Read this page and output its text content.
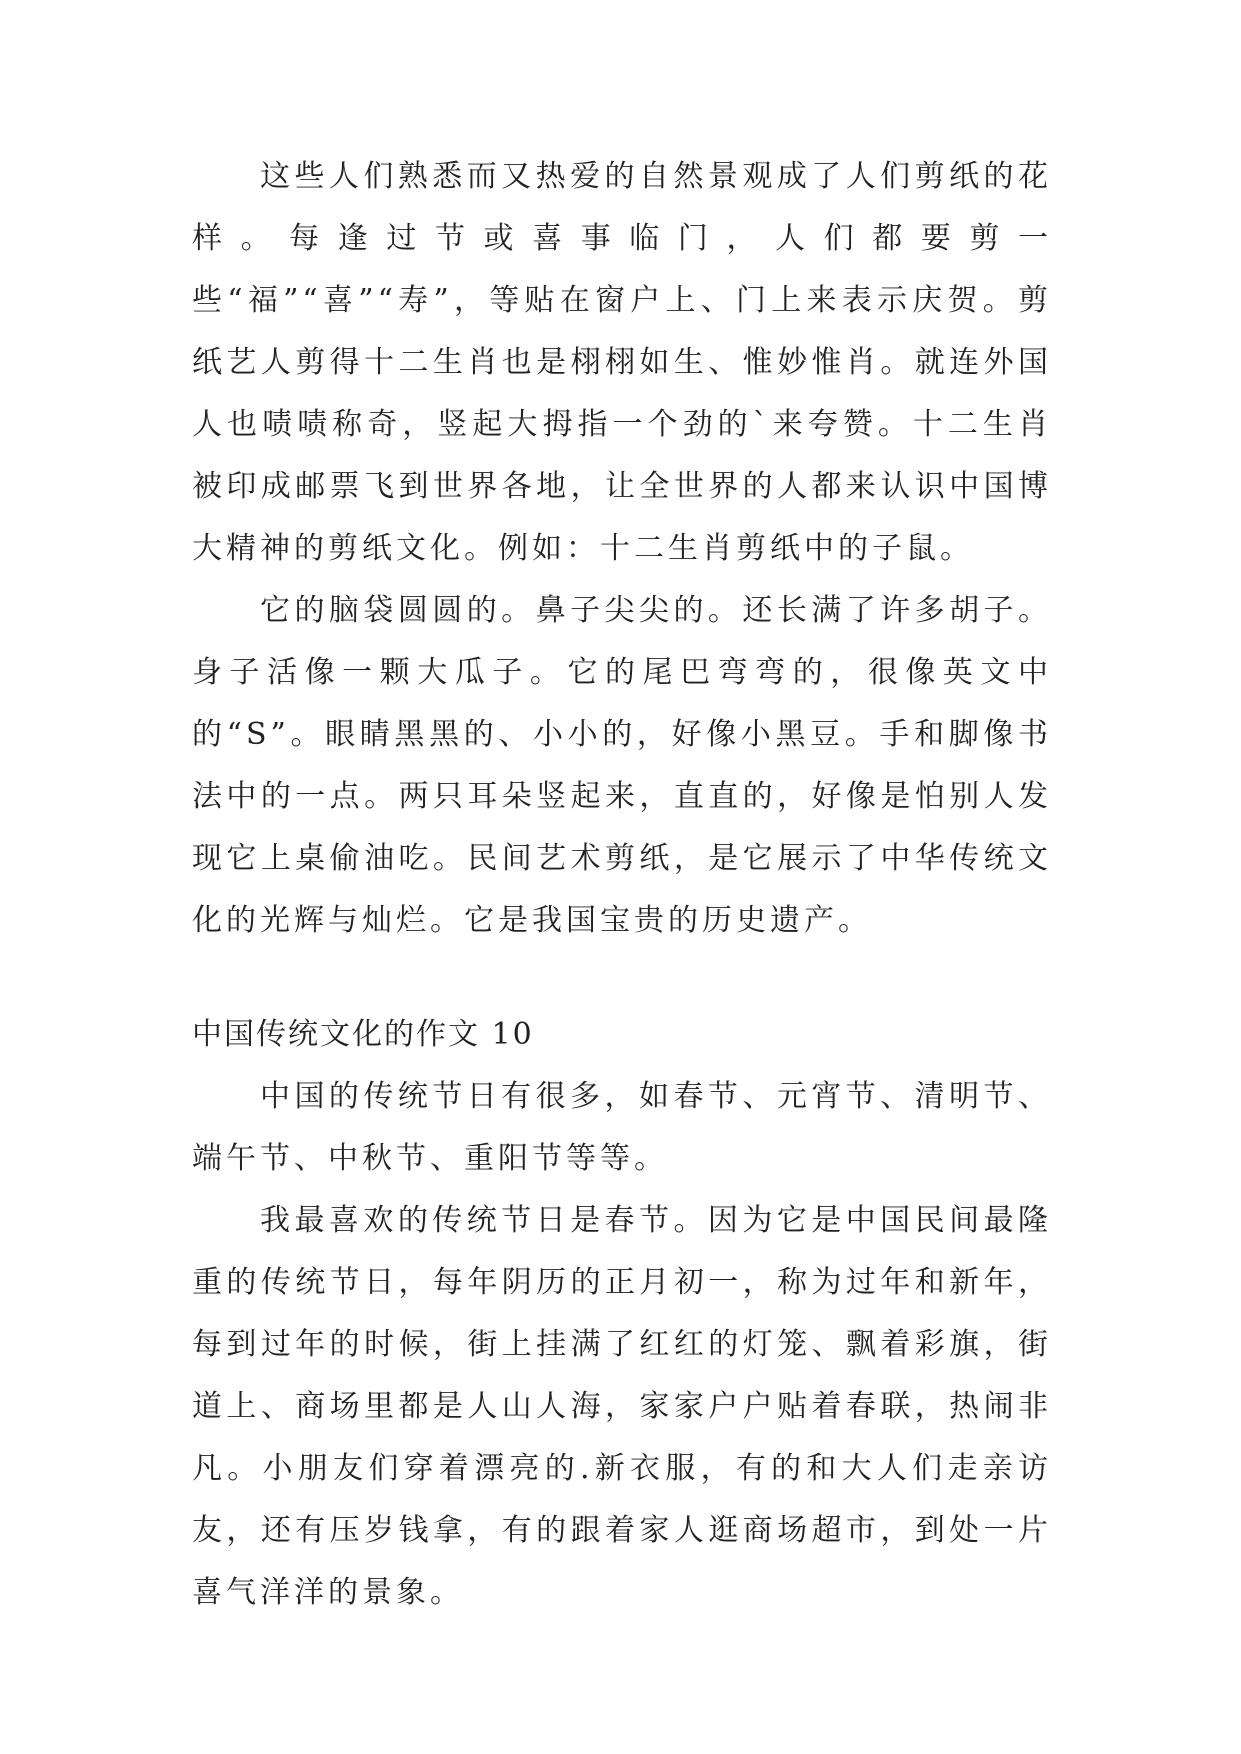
这些人们熟悉而又热爱的自然景观成了人们剪纸的花样。每逢过节或喜事临门，人们都要剪一些“福”“喜”“寿”，等贴在窗户上、门上来表示庆贺。剪纸艺人剪得十二生肖也是栩栩如生、惟妙惟肖。就连外国人也啧啧称奇，竖起大拇指一个劲的`来夸赞。十二生肖被印成邮票飞到世界各地，让全世界的人都来认识中国博大精神的剪纸文化。例如：十二生肖剪纸中的子鼠。

它的脑袋圆圆的。鼻子尖尖的。还长满了许多胡子。身子活像一颗大瓜子。它的尾巴弯弯的，很像英文中的“S”。眼睛黑黑的、小小的，好像小黑豆。手和脚像书法中的一点。两只耳朵竖起来，直直的，好像是怕别人发现它上桌偷油吃。民间艺术剪纸，是它展示了中华传统文化的光辉与灿烂。它是我国宝贵的历史遗产。

中国传统文化的作文 10

中国的传统节日有很多，如春节、元宵节、清明节、端午节、中秋节、重阳节等等。

我最喜欢的传统节日是春节。因为它是中国民间最隆重的传统节日，每年阴历的正月初一，称为过年和新年，每到过年的时候，街上挂满了红红的灯笼、飘着彩旗，街道上、商场里都是人山人海，家家户户贴着春联，热闹非凡。小朋友们穿着漂亮的.新衣服，有的和大人们走亲访友，还有压岁钱拿，有的跟着家人逛商场超市，到处一片喜气洋洋的景象。
